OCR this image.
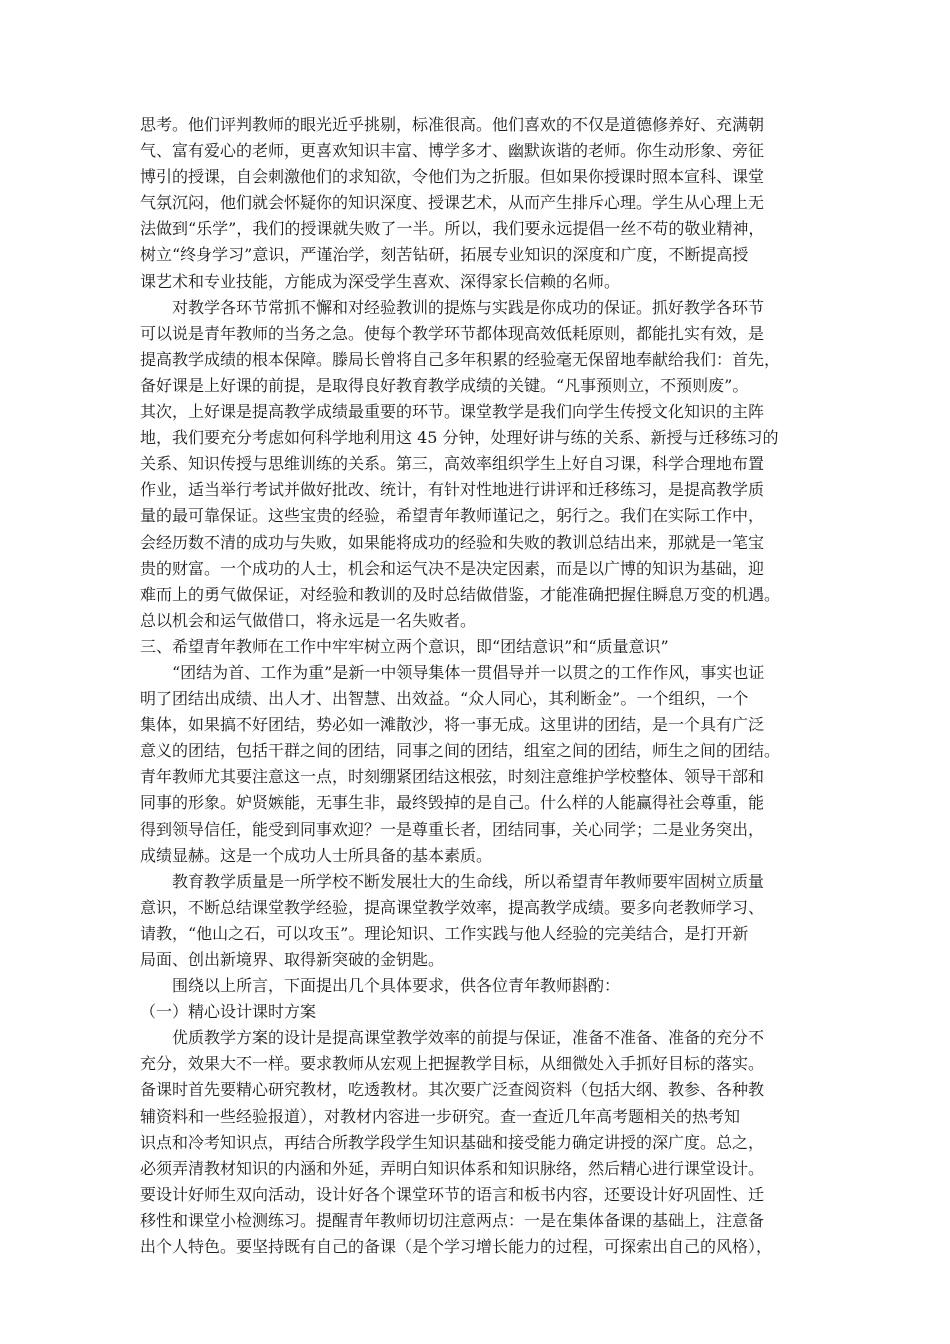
思考。他们评判教师的眼光近乎挑剔，标准很高。他们喜欢的不仅是道德修养好、充满朝
气、富有爱心的老师，更喜欢知识丰富、博学多才、幽默诙谐的老师。你生动形象、旁征
博引的授课，自会刺激他们的求知欲，令他们为之折服。但如果你授课时照本宣科、课堂
气氛沉闷，他们就会怀疑你的知识深度、授课艺术，从而产生排斥心理。学生从心理上无
法做到“乐学”，我们的授课就失败了一半。所以，我们要永远提倡一丝不苟的敬业精神，
树立“终身学习”意识，严谨治学，刻苦钻研，拓展专业知识的深度和广度，不断提高授
课艺术和专业技能，方能成为深受学生喜欢、深得家长信赖的名师。
　　对教学各环节常抓不懈和对经验教训的提炼与实践是你成功的保证。抓好教学各环节
可以说是青年教师的当务之急。使每个教学环节都体现高效低耗原则，都能扎实有效，是
提高教学成绩的根本保障。滕局长曾将自己多年积累的经验毫无保留地奉献给我们：首先，
备好课是上好课的前提，是取得良好教育教学成绩的关键。“凡事预则立，不预则废”。
其次，上好课是提高教学成绩最重要的环节。课堂教学是我们向学生传授文化知识的主阵
地，我们要充分考虑如何科学地利用这 45 分钟，处理好讲与练的关系、新授与迁移练习的
关系、知识传授与思维训练的关系。第三，高效率组织学生上好自习课，科学合理地布置
作业，适当举行考试并做好批改、统计，有针对性地进行讲评和迁移练习，是提高教学质
量的最可靠保证。这些宝贵的经验，希望青年教师谨记之，躬行之。我们在实际工作中，
会经历数不清的成功与失败，如果能将成功的经验和失败的教训总结出来，那就是一笔宝
贵的财富。一个成功的人士，机会和运气决不是决定因素，而是以广博的知识为基础，迎
难而上的勇气做保证，对经验和教训的及时总结做借鉴，才能准确把握住瞬息万变的机遇。
总以机会和运气做借口，将永远是一名失败者。
三、希望青年教师在工作中牢牢树立两个意识，即“团结意识”和“质量意识”
　　“团结为首、工作为重”是新一中领导集体一贯倡导并一以贯之的工作作风，事实也证
明了团结出成绩、出人才、出智慧、出效益。“众人同心，其利断金”。一个组织，一个
集体，如果搞不好团结，势必如一滩散沙，将一事无成。这里讲的团结，是一个具有广泛
意义的团结，包括干群之间的团结，同事之间的团结，组室之间的团结，师生之间的团结。
青年教师尤其要注意这一点，时刻绷紧团结这根弦，时刻注意维护学校整体、领导干部和
同事的形象。妒贤嫉能，无事生非，最终毁掉的是自己。什么样的人能赢得社会尊重，能
得到领导信任，能受到同事欢迎？一是尊重长者，团结同事，关心同学；二是业务突出，
成绩显赫。这是一个成功人士所具备的基本素质。
　　教育教学质量是一所学校不断发展壮大的生命线，所以希望青年教师要牢固树立质量
意识，不断总结课堂教学经验，提高课堂教学效率，提高教学成绩。要多向老教师学习、
请教，“他山之石，可以攻玉”。理论知识、工作实践与他人经验的完美结合，是打开新
局面、创出新境界、取得新突破的金钥匙。
　　围绕以上所言，下面提出几个具体要求，供各位青年教师斟酌：
（一）精心设计课时方案
　　优质教学方案的设计是提高课堂教学效率的前提与保证，准备不准备、准备的充分不
充分，效果大不一样。要求教师从宏观上把握教学目标，从细微处入手抓好目标的落实。
备课时首先要精心研究教材，吃透教材。其次要广泛查阅资料（包括大纲、教参、各种教
辅资料和一些经验报道），对教材内容进一步研究。查一查近几年高考题相关的热考知
识点和冷考知识点，再结合所教学段学生知识基础和接受能力确定讲授的深广度。总之，
必须弄清教材知识的内涵和外延，弄明白知识体系和知识脉络，然后精心进行课堂设计。
要设计好师生双向活动，设计好各个课堂环节的语言和板书内容，还要设计好巩固性、迁
移性和课堂小检测练习。提醒青年教师切切注意两点：一是在集体备课的基础上，注意备
出个人特色。要坚持既有自己的备课（是个学习增长能力的过程，可探索出自己的风格），
